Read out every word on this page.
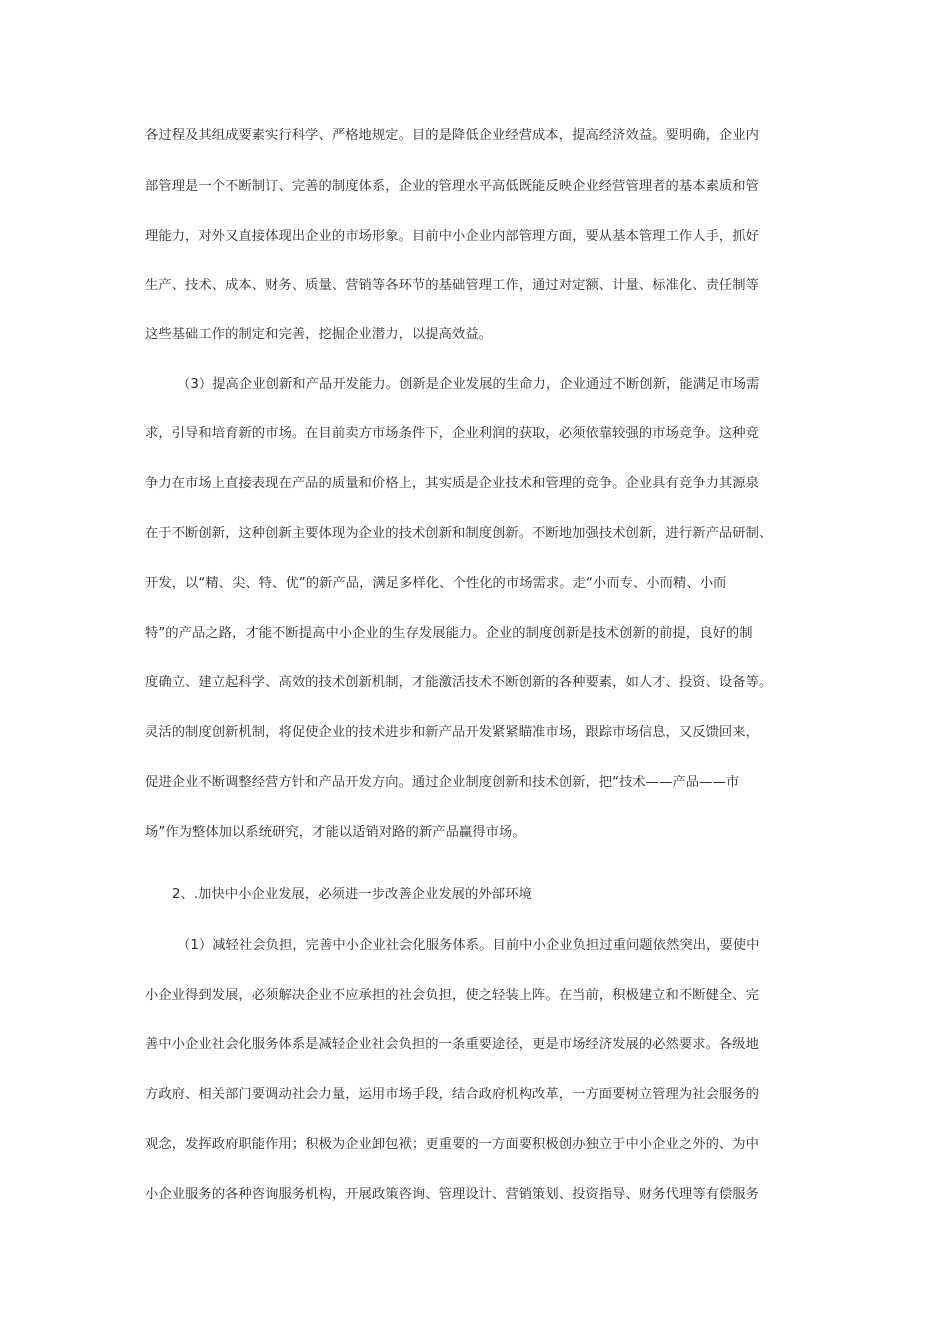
各过程及其组成要素实行科学、严格地规定。目的是降低企业经营成本，提高经济效益。要明确，企业内
部管理是一个不断制订、完善的制度体系，企业的管理水平高低既能反映企业经营管理者的基本素质和管
理能力，对外又直接体现出企业的市场形象。目前中小企业内部管理方面，要从基本管理工作人手，抓好
生产、技术、成本、财务、质量、营销等各环节的基础管理工作，通过对定额、计量、标准化、责任制等
这些基础工作的制定和完善，挖掘企业潜力，以提高效益。
（3）提高企业创新和产品开发能力。创新是企业发展的生命力，企业通过不断创新，能满足市场需
求，引导和培育新的市场。在目前卖方市场条件下，企业利润的获取，必须依靠较强的市场竞争。这种竞
争力在市场上直接表现在产品的质量和价格上，其实质是企业技术和管理的竞争。企业具有竞争力其源泉
在于不断创新，这种创新主要体现为企业的技术创新和制度创新。不断地加强技术创新，进行新产品研制、
开发，以“精、尖、特、优”的新产品，满足多样化、个性化的市场需求。走“小而专、小而精、小而
特”的产品之路，才能不断提高中小企业的生存发展能力。企业的制度创新是技术创新的前提，良好的制
度确立、建立起科学、高效的技术创新机制，才能激活技术不断创新的各种要素，如人才、投资、设备等。
灵活的制度创新机制，将促使企业的技术进步和新产品开发紧紧瞄准市场，跟踪市场信息，又反馈回来，
促进企业不断调整经营方针和产品开发方向。通过企业制度创新和技术创新，把“技术——产品——市
场”作为整体加以系统研究，才能以适销对路的新产品赢得市场。
2、.加快中小企业发展，必须进一步改善企业发展的外部环境
（1）减轻社会负担，完善中小企业社会化服务体系。目前中小企业负担过重问题依然突出，要使中
小企业得到发展，必须解决企业不应承担的社会负担，使之轻装上阵。在当前，积极建立和不断健全、完
善中小企业社会化服务体系是减轻企业社会负担的一条重要途径，更是市场经济发展的必然要求。各级地
方政府、相关部门要调动社会力量，运用市场手段，结合政府机构改革，一方面要树立管理为社会服务的
观念，发挥政府职能作用；积极为企业卸包袱；更重要的一方面要积极创办独立于中小企业之外的、为中
小企业服务的各种咨询服务机构，开展政策咨询、管理设计、营销策划、投资指导、财务代理等有偿服务
